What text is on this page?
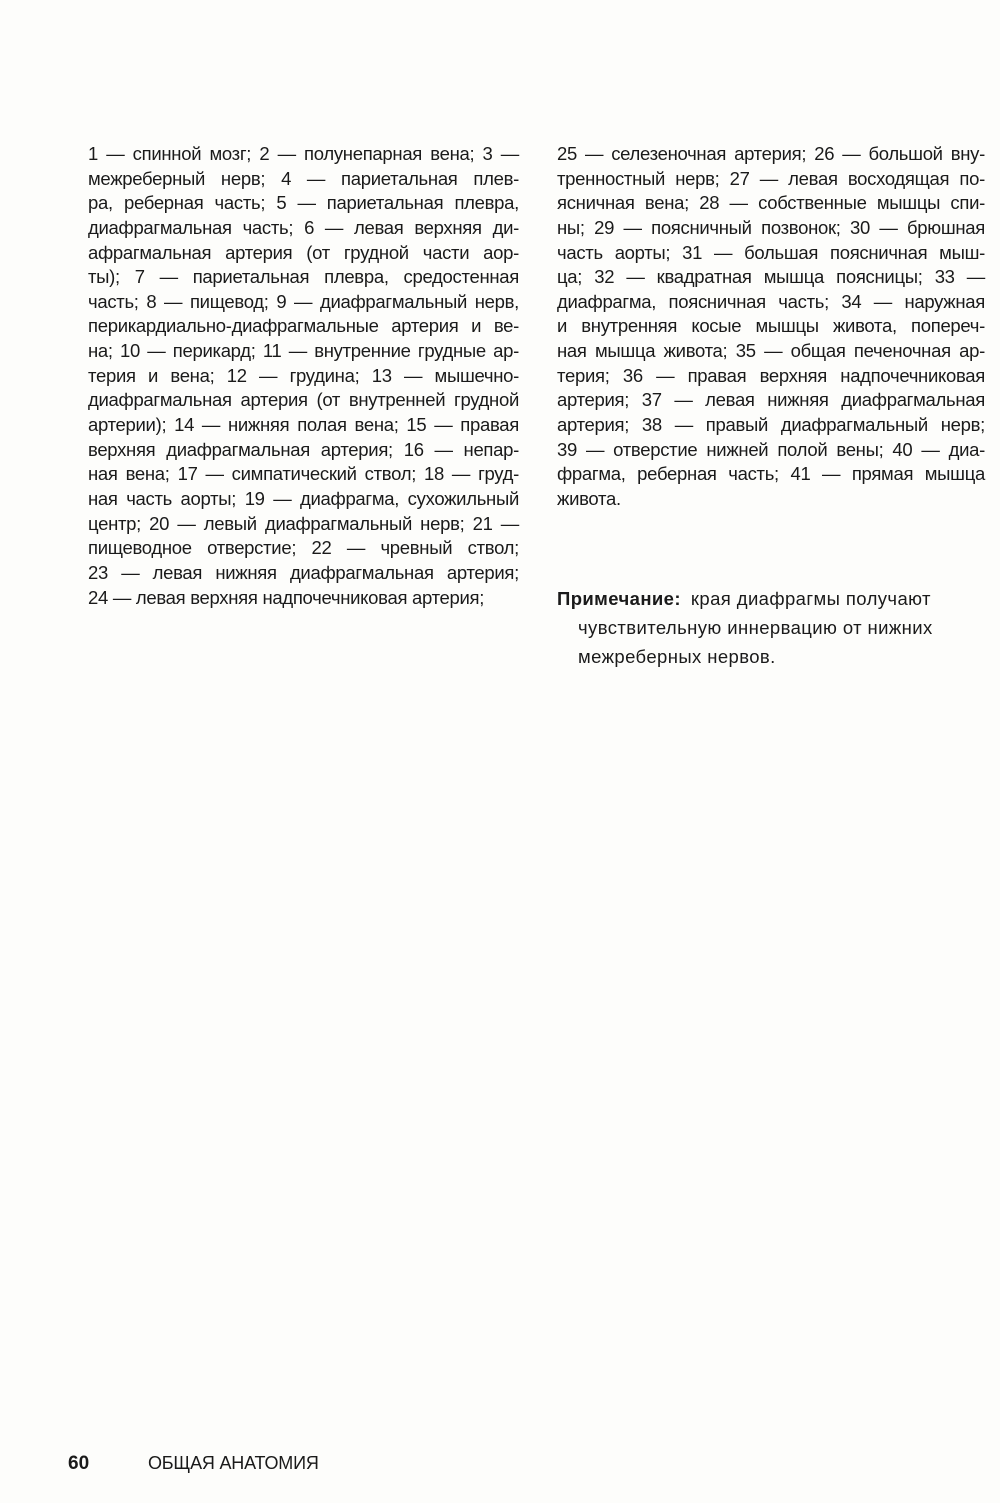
1 — спинной мозг; 2 — полунепарная вена; 3 —
межреберный нерв; 4 — париетальная плев-
ра, реберная часть; 5 — париетальная плевра,
диафрагмальная часть; 6 — левая верхняя ди-
афрагмальная артерия (от грудной части аор-
ты); 7 — париетальная плевра, средостенная
часть; 8 — пищевод; 9 — диафрагмальный нерв,
перикардиально-диафрагмальные артерия и ве-
на; 10 — перикард; 11 — внутренние грудные ар-
терия и вена; 12 — грудина; 13 — мышечно-
диафрагмальная артерия (от внутренней грудной
артерии); 14 — нижняя полая вена; 15 — правая
верхняя диафрагмальная артерия; 16 — непар-
ная вена; 17 — симпатический ствол; 18 — груд-
ная часть аорты; 19 — диафрагма, сухожильный
центр; 20 — левый диафрагмальный нерв; 21 —
пищеводное отверстие; 22 — чревный ствол;
23 — левая нижняя диафрагмальная артерия;
24 — левая верхняя надпочечниковая артерия;
25 — селезеночная артерия; 26 — большой вну-
тренностный нерв; 27 — левая восходящая по-
ясничная вена; 28 — собственные мышцы спи-
ны; 29 — поясничный позвонок; 30 — брюшная
часть аорты; 31 — большая поясничная мыш-
ца; 32 — квадратная мышца поясницы; 33 —
диафрагма, поясничная часть; 34 — наружная
и внутренняя косые мышцы живота, попереч-
ная мышца живота; 35 — общая печеночная ар-
терия; 36 — правая верхняя надпочечниковая
артерия; 37 — левая нижняя диафрагмальная
артерия; 38 — правый диафрагмальный нерв;
39 — отверстие нижней полой вены; 40 — диа-
фрагма, реберная часть; 41 — прямая мышца
живота.
Примечание: края диафрагмы получают
чувствительную иннервацию от нижних
межреберных нервов.
60	ОБЩАЯ АНАТОМИЯ
